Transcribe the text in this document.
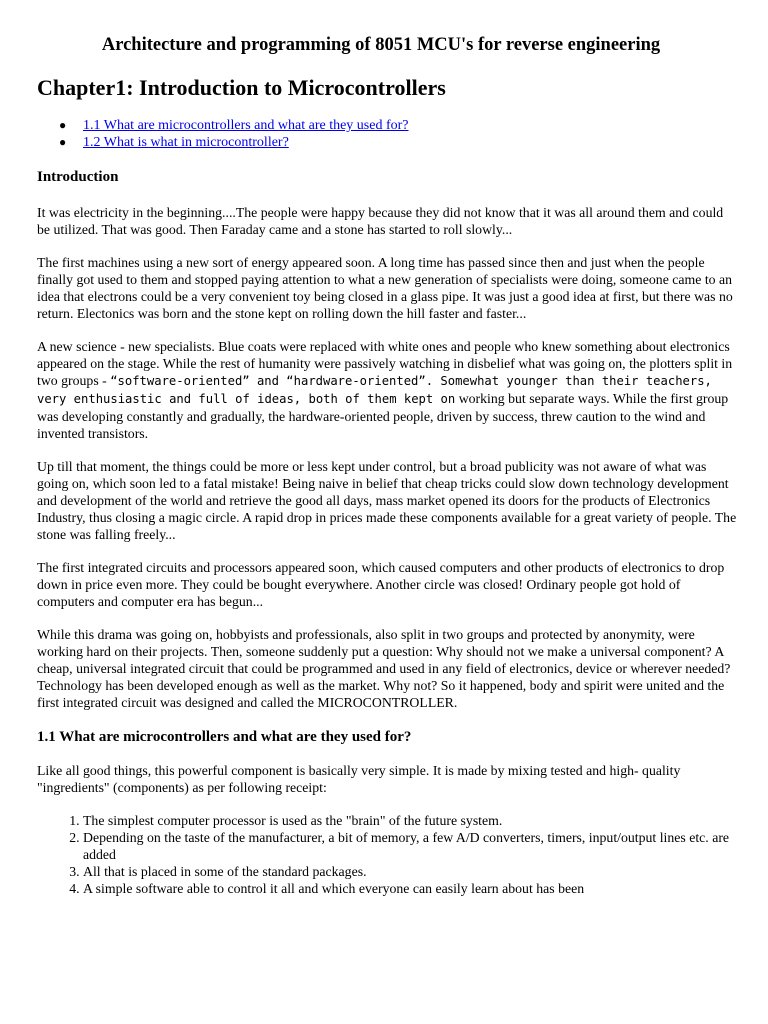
Architecture and programming of 8051 MCU's for reverse engineering
Chapter1: Introduction to Microcontrollers
● 1.1 What are microcontrollers and what are they used for?
● 1.2 What is what in microcontroller?
Introduction

It was electricity in the beginning....The people were happy because they did not know that it was all around them and could be utilized. That was good. Then Faraday came and a stone has started to roll slowly...

The first machines using a new sort of energy appeared soon. A long time has passed since then and just when the people finally got used to them and stopped paying attention to what a new generation of specialists were doing, someone came to an idea that electrons could be a very convenient toy being closed in a glass pipe. It was just a good idea at first, but there was no return. Electonics was born and the stone kept on rolling down the hill faster and faster...

A new science - new specialists. Blue coats were replaced with white ones and people who knew something about electronics appeared on the stage. While the rest of humanity were passively watching in disbelief what was going on, the plotters split in two groups - “software-oriented” and “hardware-oriented”. Somewhat younger than their teachers, very enthusiastic and full of ideas, both of them kept on working but separate ways. While the first group was developing constantly and gradually, the hardware-oriented people, driven by success, threw caution to the wind and invented transistors.

Up till that moment, the things could be more or less kept under control, but a broad publicity was not aware of what was going on, which soon led to a fatal mistake! Being naive in belief that cheap tricks could slow down technology development and development of the world and retrieve the good all days, mass market opened its doors for the products of Electronics Industry, thus closing a magic circle. A rapid drop in prices made these components available for a great variety of people. The stone was falling freely...

The first integrated circuits and processors appeared soon, which caused computers and other products of electronics to drop down in price even more. They could be bought everywhere. Another circle was closed! Ordinary people got hold of computers and computer era has begun...

While this drama was going on, hobbyists and professionals, also split in two groups and protected by anonymity, were working hard on their projects. Then, someone suddenly put a question: Why should not we make a universal component? A cheap, universal integrated circuit that could be programmed and used in any field of electronics, device or wherever needed? Technology has been developed enough as well as the market. Why not? So it happened, body and spirit were united and the first integrated circuit was designed and called the MICROCONTROLLER.

1.1 What are microcontrollers and what are they used for?

Like all good things, this powerful component is basically very simple. It is made by mixing tested and high- quality "ingredients" (components) as per following receipt:

1. The simplest computer processor is used as the "brain" of the future system.
2. Depending on the taste of the manufacturer, a bit of memory, a few A/D converters, timers, input/output lines etc. are added
3. All that is placed in some of the standard packages.
4. A simple software able to control it all and which everyone can easily learn about has been
